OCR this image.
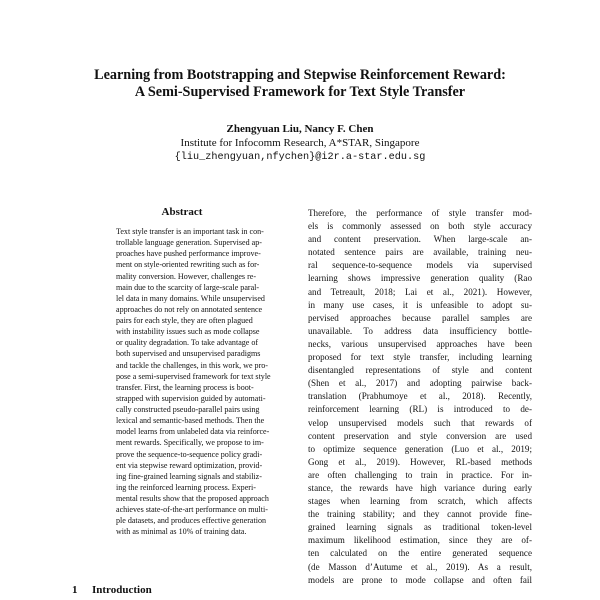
Learning from Bootstrapping and Stepwise Reinforcement Reward:
A Semi-Supervised Framework for Text Style Transfer
Zhengyuan Liu, Nancy F. Chen
Institute for Infocomm Research, A*STAR, Singapore
{liu_zhengyuan,nfychen}@i2r.a-star.edu.sg
Abstract
Text style transfer is an important task in con-
trollable language generation. Supervised ap-
proaches have pushed performance improve-
ment on style-oriented rewriting such as for-
mality conversion. However, challenges re-
main due to the scarcity of large-scale paral-
lel data in many domains. While unsupervised
approaches do not rely on annotated sentence
pairs for each style, they are often plagued
with instability issues such as mode collapse
or quality degradation. To take advantage of
both supervised and unsupervised paradigms
and tackle the challenges, in this work, we pro-
pose a semi-supervised framework for text style
transfer. First, the learning process is boot-
strapped with supervision guided by automati-
cally constructed pseudo-parallel pairs using
lexical and semantic-based methods. Then the
model learns from unlabeled data via reinforce-
ment rewards. Specifically, we propose to im-
prove the sequence-to-sequence policy gradi-
ent via stepwise reward optimization, provid-
ing fine-grained learning signals and stabiliz-
ing the reinforced learning process. Experi-
mental results show that the proposed approach
achieves state-of-the-art performance on multi-
ple datasets, and produces effective generation
with as minimal as 10% of training data.
Therefore, the performance of style transfer mod-
els is commonly assessed on both style accuracy
and content preservation. When large-scale an-
notated sentence pairs are available, training neu-
ral sequence-to-sequence models via supervised
learning shows impressive generation quality (Rao
and Tetreault, 2018; Lai et al., 2021). However,
in many use cases, it is unfeasible to adopt su-
pervised approaches because parallel samples are
unavailable. To address data insufficiency bottle-
necks, various unsupervised approaches have been
proposed for text style transfer, including learning
disentangled representations of style and content
(Shen et al., 2017) and adopting pairwise back-
translation (Prabhumoye et al., 2018). Recently,
reinforcement learning (RL) is introduced to de-
velop unsupervised models such that rewards of
content preservation and style conversion are used
to optimize sequence generation (Luo et al., 2019;
Gong et al., 2019). However, RL-based methods
are often challenging to train in practice. For in-
stance, the rewards have high variance during early
stages when learning from scratch, which affects
the training stability; and they cannot provide fine-
grained learning signals as traditional token-level
maximum likelihood estimation, since they are of-
ten calculated on the entire generated sequence
(de Masson d’Autume et al., 2019). As a result,
models are prone to mode collapse and often fail
1 Introduction
